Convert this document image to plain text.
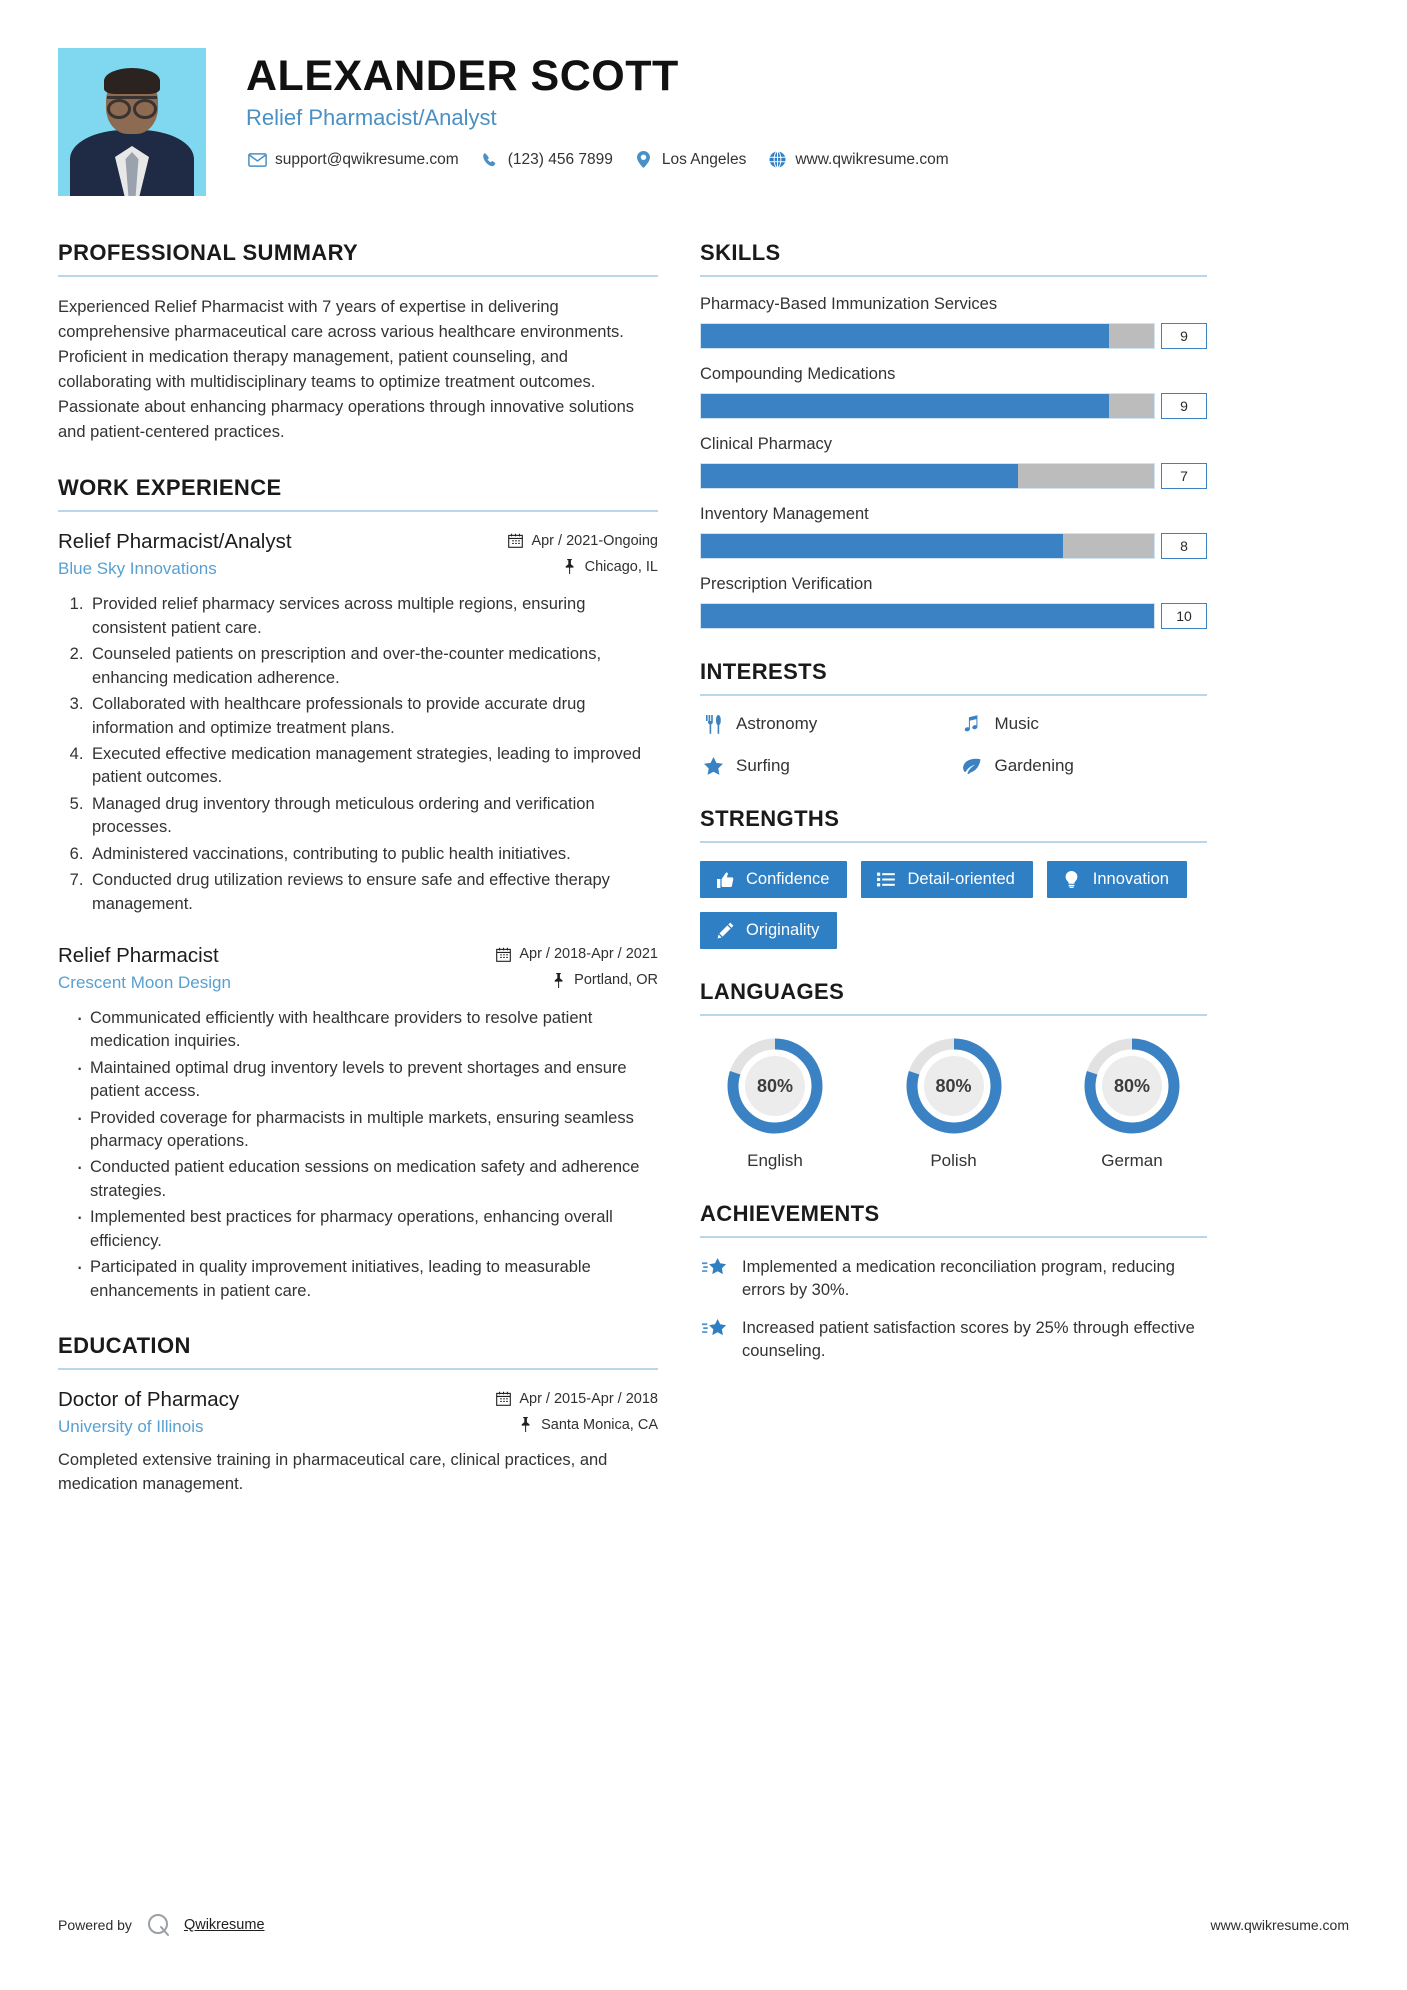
ALEXANDER SCOTT
Relief Pharmacist/Analyst
support@qwikresume.com	(123) 456 7899	Los Angeles	www.qwikresume.com
PROFESSIONAL SUMMARY
Experienced Relief Pharmacist with 7 years of expertise in delivering comprehensive pharmaceutical care across various healthcare environments. Proficient in medication therapy management, patient counseling, and collaborating with multidisciplinary teams to optimize treatment outcomes. Passionate about enhancing pharmacy operations through innovative solutions and patient-centered practices.
WORK EXPERIENCE
Relief Pharmacist/Analyst	Apr / 2021-Ongoing
Blue Sky Innovations	Chicago, IL
1. Provided relief pharmacy services across multiple regions, ensuring consistent patient care.
2. Counseled patients on prescription and over-the-counter medications, enhancing medication adherence.
3. Collaborated with healthcare professionals to provide accurate drug information and optimize treatment plans.
4. Executed effective medication management strategies, leading to improved patient outcomes.
5. Managed drug inventory through meticulous ordering and verification processes.
6. Administered vaccinations, contributing to public health initiatives.
7. Conducted drug utilization reviews to ensure safe and effective therapy management.
Relief Pharmacist	Apr / 2018-Apr / 2021
Crescent Moon Design	Portland, OR
· Communicated efficiently with healthcare providers to resolve patient medication inquiries.
· Maintained optimal drug inventory levels to prevent shortages and ensure patient access.
· Provided coverage for pharmacists in multiple markets, ensuring seamless pharmacy operations.
· Conducted patient education sessions on medication safety and adherence strategies.
· Implemented best practices for pharmacy operations, enhancing overall efficiency.
· Participated in quality improvement initiatives, leading to measurable enhancements in patient care.
EDUCATION
Doctor of Pharmacy	Apr / 2015-Apr / 2018
University of Illinois	Santa Monica, CA
Completed extensive training in pharmaceutical care, clinical practices, and medication management.
SKILLS
Pharmacy-Based Immunization Services
9
Compounding Medications
9
Clinical Pharmacy
7
Inventory Management
8
Prescription Verification
10
INTERESTS
Astronomy	Music
Surfing	Gardening
STRENGTHS
Confidence	Detail-oriented	Innovation
Originality
LANGUAGES
80%
English
80%
Polish
80%
German
ACHIEVEMENTS
Implemented a medication reconciliation program, reducing errors by 30%.
Increased patient satisfaction scores by 25% through effective counseling.
Powered by	Qwikresume	www.qwikresume.com
